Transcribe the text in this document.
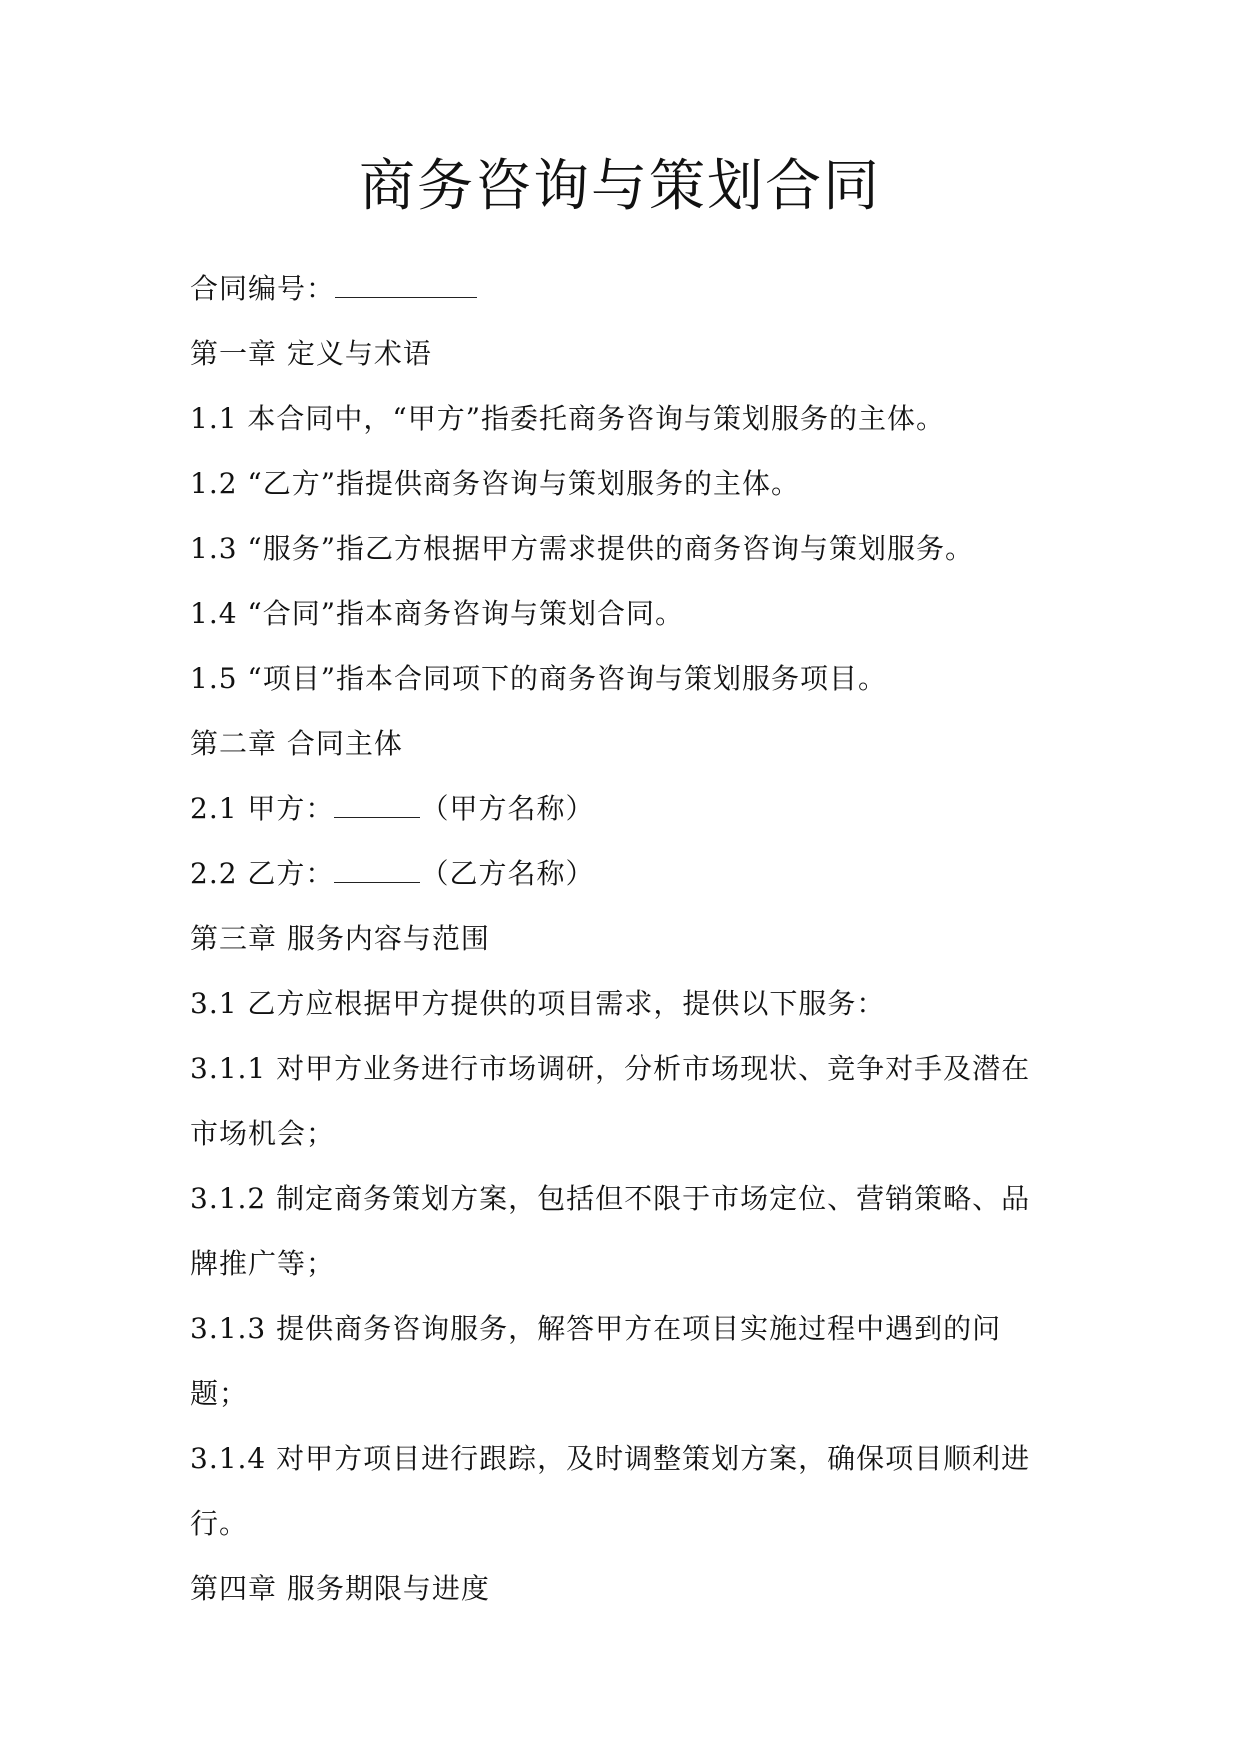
商务咨询与策划合同
合同编号：
第一章 定义与术语
1.1 本合同中，“甲方”指委托商务咨询与策划服务的主体。
1.2 “乙方”指提供商务咨询与策划服务的主体。
1.3 “服务”指乙方根据甲方需求提供的商务咨询与策划服务。
1.4 “合同”指本商务咨询与策划合同。
1.5 “项目”指本合同项下的商务咨询与策划服务项目。
第二章 合同主体
2.1 甲方：	（甲方名称）
2.2 乙方：	（乙方名称）
第三章 服务内容与范围
3.1 乙方应根据甲方提供的项目需求，提供以下服务：
3.1.1 对甲方业务进行市场调研，分析市场现状、竞争对手及潜在
市场机会；
3.1.2 制定商务策划方案，包括但不限于市场定位、营销策略、品
牌推广等；
3.1.3 提供商务咨询服务，解答甲方在项目实施过程中遇到的问
题；
3.1.4 对甲方项目进行跟踪，及时调整策划方案，确保项目顺利进
行。
第四章 服务期限与进度
